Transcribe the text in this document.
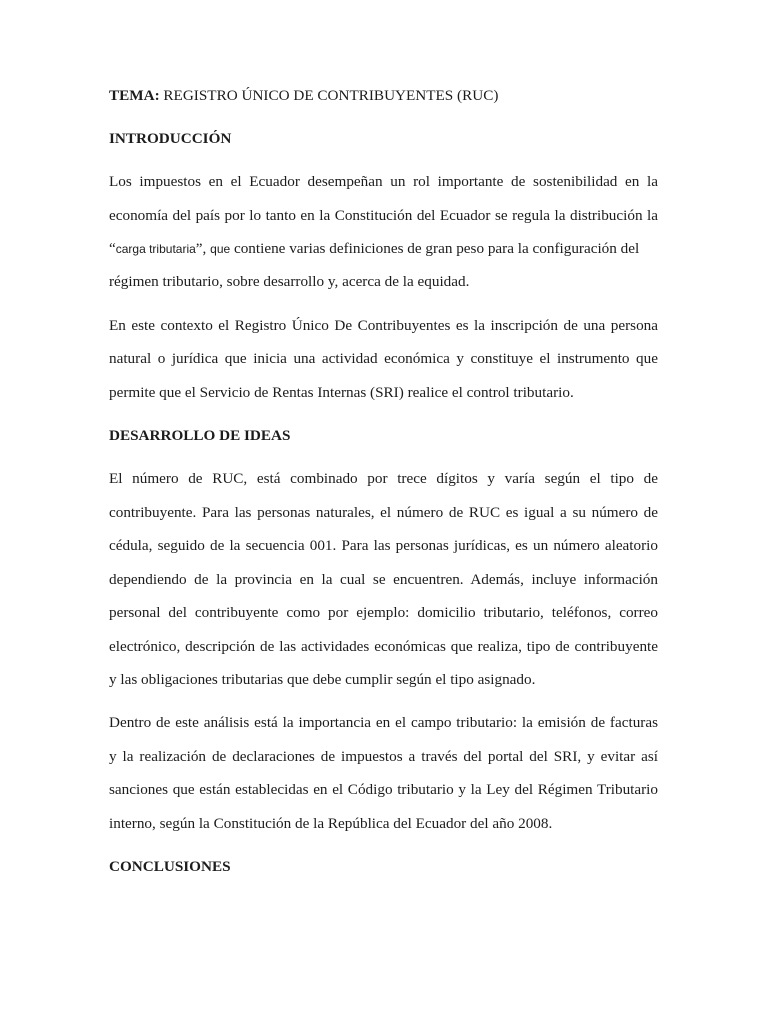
TEMA: REGISTRO ÚNICO DE CONTRIBUYENTES (RUC)
INTRODUCCIÓN
Los impuestos en el Ecuador desempeñan un rol importante de sostenibilidad en la
economía del país por lo tanto en la Constitución del Ecuador se regula la distribución la
“carga tributaria”, que contiene varias definiciones de gran peso para la configuración del
régimen tributario, sobre desarrollo y, acerca de la equidad.
En este contexto el Registro Único De Contribuyentes es la inscripción de una persona
natural o jurídica que inicia una actividad económica y constituye el instrumento que
permite que el Servicio de Rentas Internas (SRI) realice el control tributario.
DESARROLLO DE IDEAS
El número de RUC, está combinado por trece dígitos y varía según el tipo de
contribuyente. Para las personas naturales, el número de RUC es igual a su número de
cédula, seguido de la secuencia 001. Para las personas jurídicas, es un número aleatorio
dependiendo de la provincia en la cual se encuentren. Además, incluye información
personal del contribuyente como por ejemplo: domicilio tributario, teléfonos, correo
electrónico, descripción de las actividades económicas que realiza, tipo de contribuyente
y las obligaciones tributarias que debe cumplir según el tipo asignado.
Dentro de este análisis está la importancia en el campo tributario: la emisión de facturas
y la realización de declaraciones de impuestos a través del portal del SRI, y evitar así
sanciones que están establecidas en el Código tributario y la Ley del Régimen Tributario
interno, según la Constitución de la República del Ecuador del año 2008.
CONCLUSIONES
